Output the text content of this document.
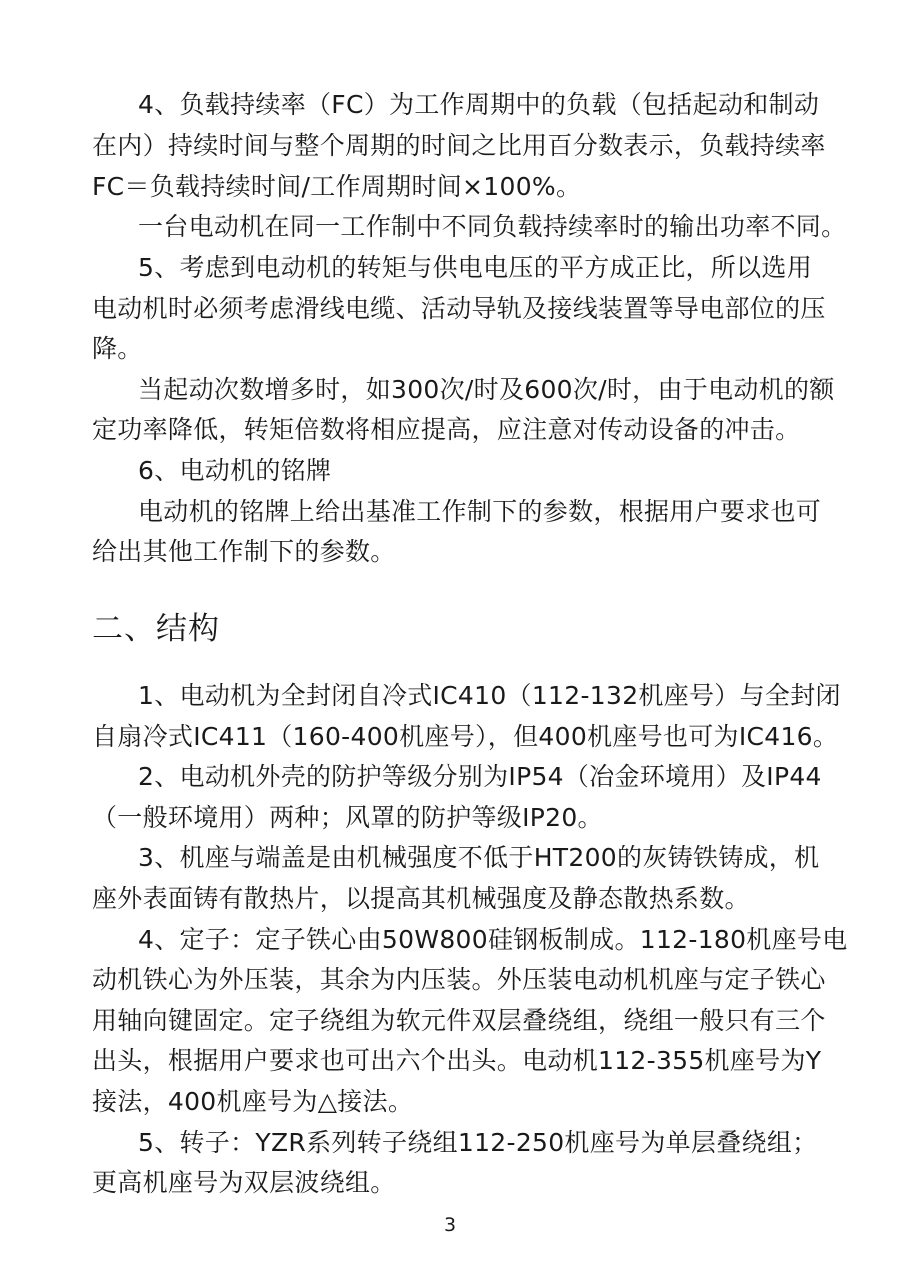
4、负载持续率（FC）为工作周期中的负载（包括起动和制动
在内）持续时间与整个周期的时间之比用百分数表示，负载持续率
FC＝负载持续时间/工作周期时间×100%。
一台电动机在同一工作制中不同负载持续率时的输出功率不同。
5、考虑到电动机的转矩与供电电压的平方成正比，所以选用
电动机时必须考虑滑线电缆、活动导轨及接线装置等导电部位的压
降。
当起动次数增多时，如300次/时及600次/时，由于电动机的额
定功率降低，转矩倍数将相应提高，应注意对传动设备的冲击。
6、电动机的铭牌
电动机的铭牌上给出基准工作制下的参数，根据用户要求也可
给出其他工作制下的参数。
二、结构
1、电动机为全封闭自冷式IC410（112-132机座号）与全封闭
自扇冷式IC411（160-400机座号），但400机座号也可为IC416。
2、电动机外壳的防护等级分别为IP54（冶金环境用）及IP44
（一般环境用）两种；风罩的防护等级IP20。
3、机座与端盖是由机械强度不低于HT200的灰铸铁铸成，机
座外表面铸有散热片，以提高其机械强度及静态散热系数。
4、定子：定子铁心由50W800硅钢板制成。112-180机座号电
动机铁心为外压装，其余为内压装。外压装电动机机座与定子铁心
用轴向键固定。定子绕组为软元件双层叠绕组，绕组一般只有三个
出头，根据用户要求也可出六个出头。电动机112-355机座号为Y
接法，400机座号为△接法。
5、转子：YZR系列转子绕组112-250机座号为单层叠绕组；
更高机座号为双层波绕组。
3
